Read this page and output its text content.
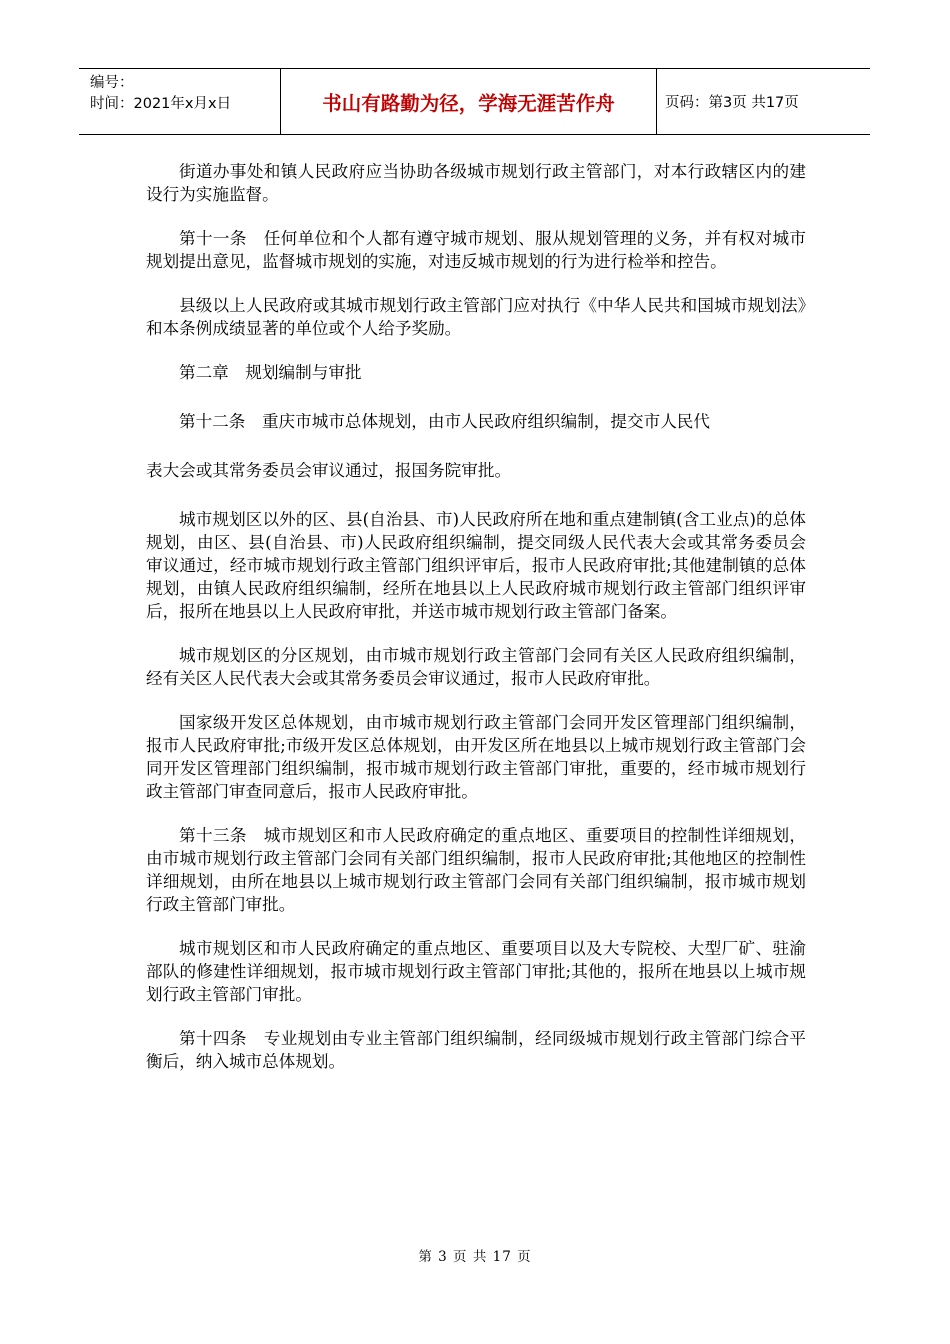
编号：
时间：2021年x月x日	书山有路勤为径，学海无涯苦作舟	页码：第3页 共17页

街道办事处和镇人民政府应当协助各级城市规划行政主管部门，对本行政辖区内的建设行为实施监督。

第十一条　任何单位和个人都有遵守城市规划、服从规划管理的义务，并有权对城市规划提出意见，监督城市规划的实施，对违反城市规划的行为进行检举和控告。

县级以上人民政府或其城市规划行政主管部门应对执行《中华人民共和国城市规划法》和本条例成绩显著的单位或个人给予奖励。

第二章　规划编制与审批

第十二条　重庆市城市总体规划，由市人民政府组织编制，提交市人民代

表大会或其常务委员会审议通过，报国务院审批。

城市规划区以外的区、县(自治县、市)人民政府所在地和重点建制镇(含工业点)的总体规划，由区、县(自治县、市)人民政府组织编制，提交同级人民代表大会或其常务委员会审议通过，经市城市规划行政主管部门组织评审后，报市人民政府审批;其他建制镇的总体规划，由镇人民政府组织编制，经所在地县以上人民政府城市规划行政主管部门组织评审后，报所在地县以上人民政府审批，并送市城市规划行政主管部门备案。

城市规划区的分区规划，由市城市规划行政主管部门会同有关区人民政府组织编制，经有关区人民代表大会或其常务委员会审议通过，报市人民政府审批。

国家级开发区总体规划，由市城市规划行政主管部门会同开发区管理部门组织编制，报市人民政府审批;市级开发区总体规划，由开发区所在地县以上城市规划行政主管部门会同开发区管理部门组织编制，报市城市规划行政主管部门审批，重要的，经市城市规划行政主管部门审查同意后，报市人民政府审批。

第十三条　城市规划区和市人民政府确定的重点地区、重要项目的控制性详细规划，由市城市规划行政主管部门会同有关部门组织编制，报市人民政府审批;其他地区的控制性详细规划，由所在地县以上城市规划行政主管部门会同有关部门组织编制，报市城市规划行政主管部门审批。

城市规划区和市人民政府确定的重点地区、重要项目以及大专院校、大型厂矿、驻渝部队的修建性详细规划，报市城市规划行政主管部门审批;其他的，报所在地县以上城市规划行政主管部门审批。

第十四条　专业规划由专业主管部门组织编制，经同级城市规划行政主管部门综合平衡后，纳入城市总体规划。

第 3 页 共 17 页
